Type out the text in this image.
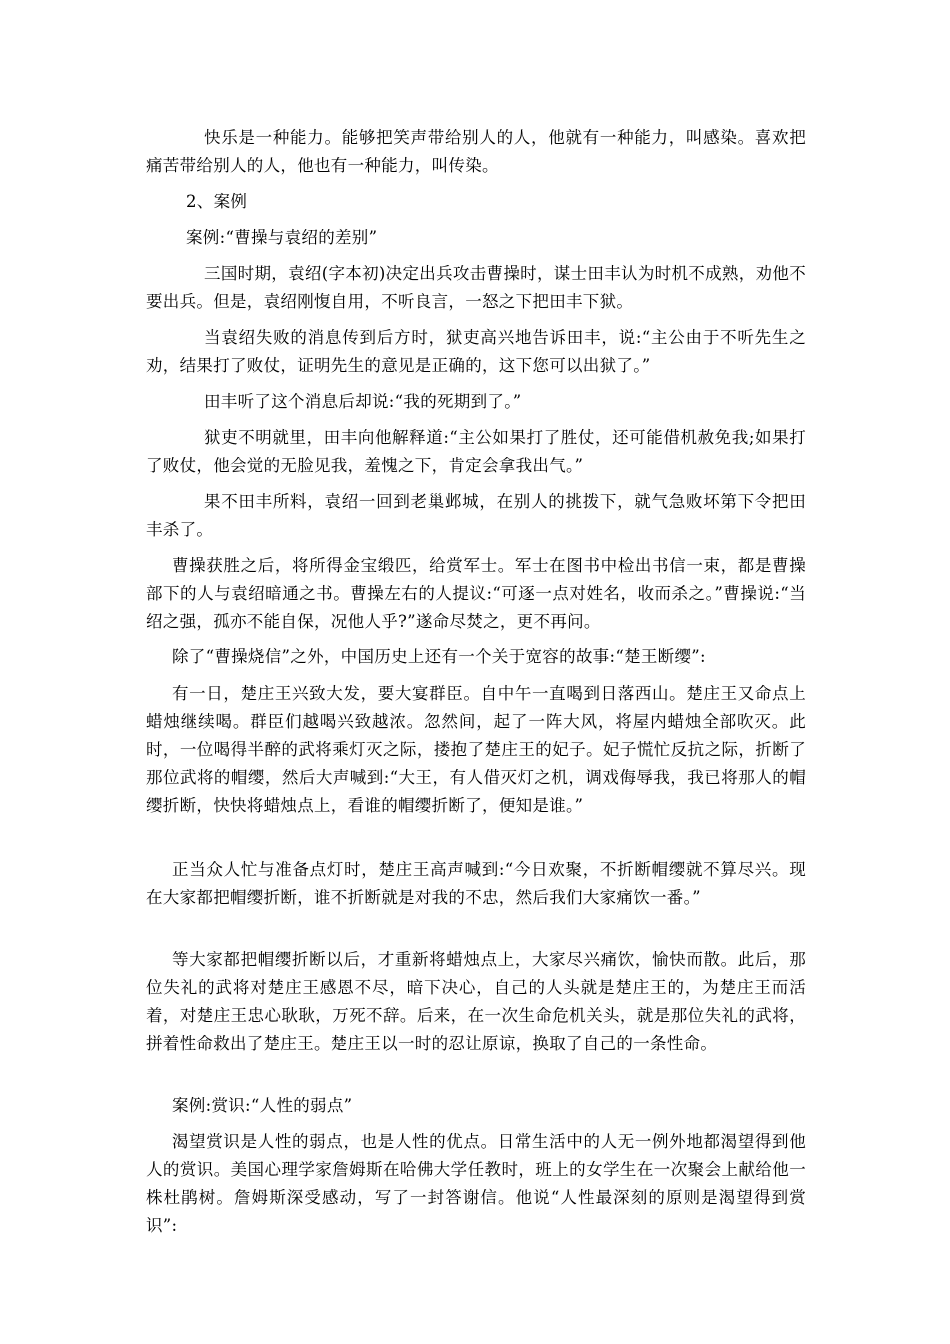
快乐是一种能力。能够把笑声带给别人的人，他就有一种能力，叫感染。喜欢把痛苦带给别人的人，他也有一种能力，叫传染。

2、案例

案例:“曹操与袁绍的差别”

三国时期，袁绍(字本初)决定出兵攻击曹操时，谋士田丰认为时机不成熟，劝他不要出兵。但是，袁绍刚愎自用，不听良言，一怒之下把田丰下狱。

当袁绍失败的消息传到后方时，狱吏高兴地告诉田丰，说:“主公由于不听先生之劝，结果打了败仗，证明先生的意见是正确的，这下您可以出狱了。”

田丰听了这个消息后却说:“我的死期到了。”

狱吏不明就里，田丰向他解释道:“主公如果打了胜仗，还可能借机赦免我;如果打了败仗，他会觉的无脸见我，羞愧之下，肯定会拿我出气。”

果不田丰所料，袁绍一回到老巢邺城，在别人的挑拨下，就气急败坏第下令把田丰杀了。

曹操获胜之后，将所得金宝缎匹，给赏军士。军士在图书中检出书信一束，都是曹操部下的人与袁绍暗通之书。曹操左右的人提议:“可逐一点对姓名，收而杀之。”曹操说:“当绍之强，孤亦不能自保，况他人乎?”遂命尽焚之，更不再问。

除了“曹操烧信”之外，中国历史上还有一个关于宽容的故事:“楚王断缨”:

有一日，楚庄王兴致大发，要大宴群臣。自中午一直喝到日落西山。楚庄王又命点上蜡烛继续喝。群臣们越喝兴致越浓。忽然间，起了一阵大风，将屋内蜡烛全部吹灭。此时，一位喝得半醉的武将乘灯灭之际，搂抱了楚庄王的妃子。妃子慌忙反抗之际，折断了那位武将的帽缨，然后大声喊到:“大王，有人借灭灯之机，调戏侮辱我，我已将那人的帽缨折断，快快将蜡烛点上，看谁的帽缨折断了，便知是谁。”

正当众人忙与准备点灯时，楚庄王高声喊到:“今日欢聚，不折断帽缨就不算尽兴。现在大家都把帽缨折断，谁不折断就是对我的不忠，然后我们大家痛饮一番。”

等大家都把帽缨折断以后，才重新将蜡烛点上，大家尽兴痛饮，愉快而散。此后，那位失礼的武将对楚庄王感恩不尽，暗下决心，自己的人头就是楚庄王的，为楚庄王而活着，对楚庄王忠心耿耿，万死不辞。后来，在一次生命危机关头，就是那位失礼的武将，拼着性命救出了楚庄王。楚庄王以一时的忍让原谅，换取了自己的一条性命。

案例:赏识:“人性的弱点”

渴望赏识是人性的弱点，也是人性的优点。日常生活中的人无一例外地都渴望得到他人的赏识。美国心理学家詹姆斯在哈佛大学任教时，班上的女学生在一次聚会上献给他一株杜鹃树。詹姆斯深受感动，写了一封答谢信。他说“人性最深刻的原则是渴望得到赏识”:
